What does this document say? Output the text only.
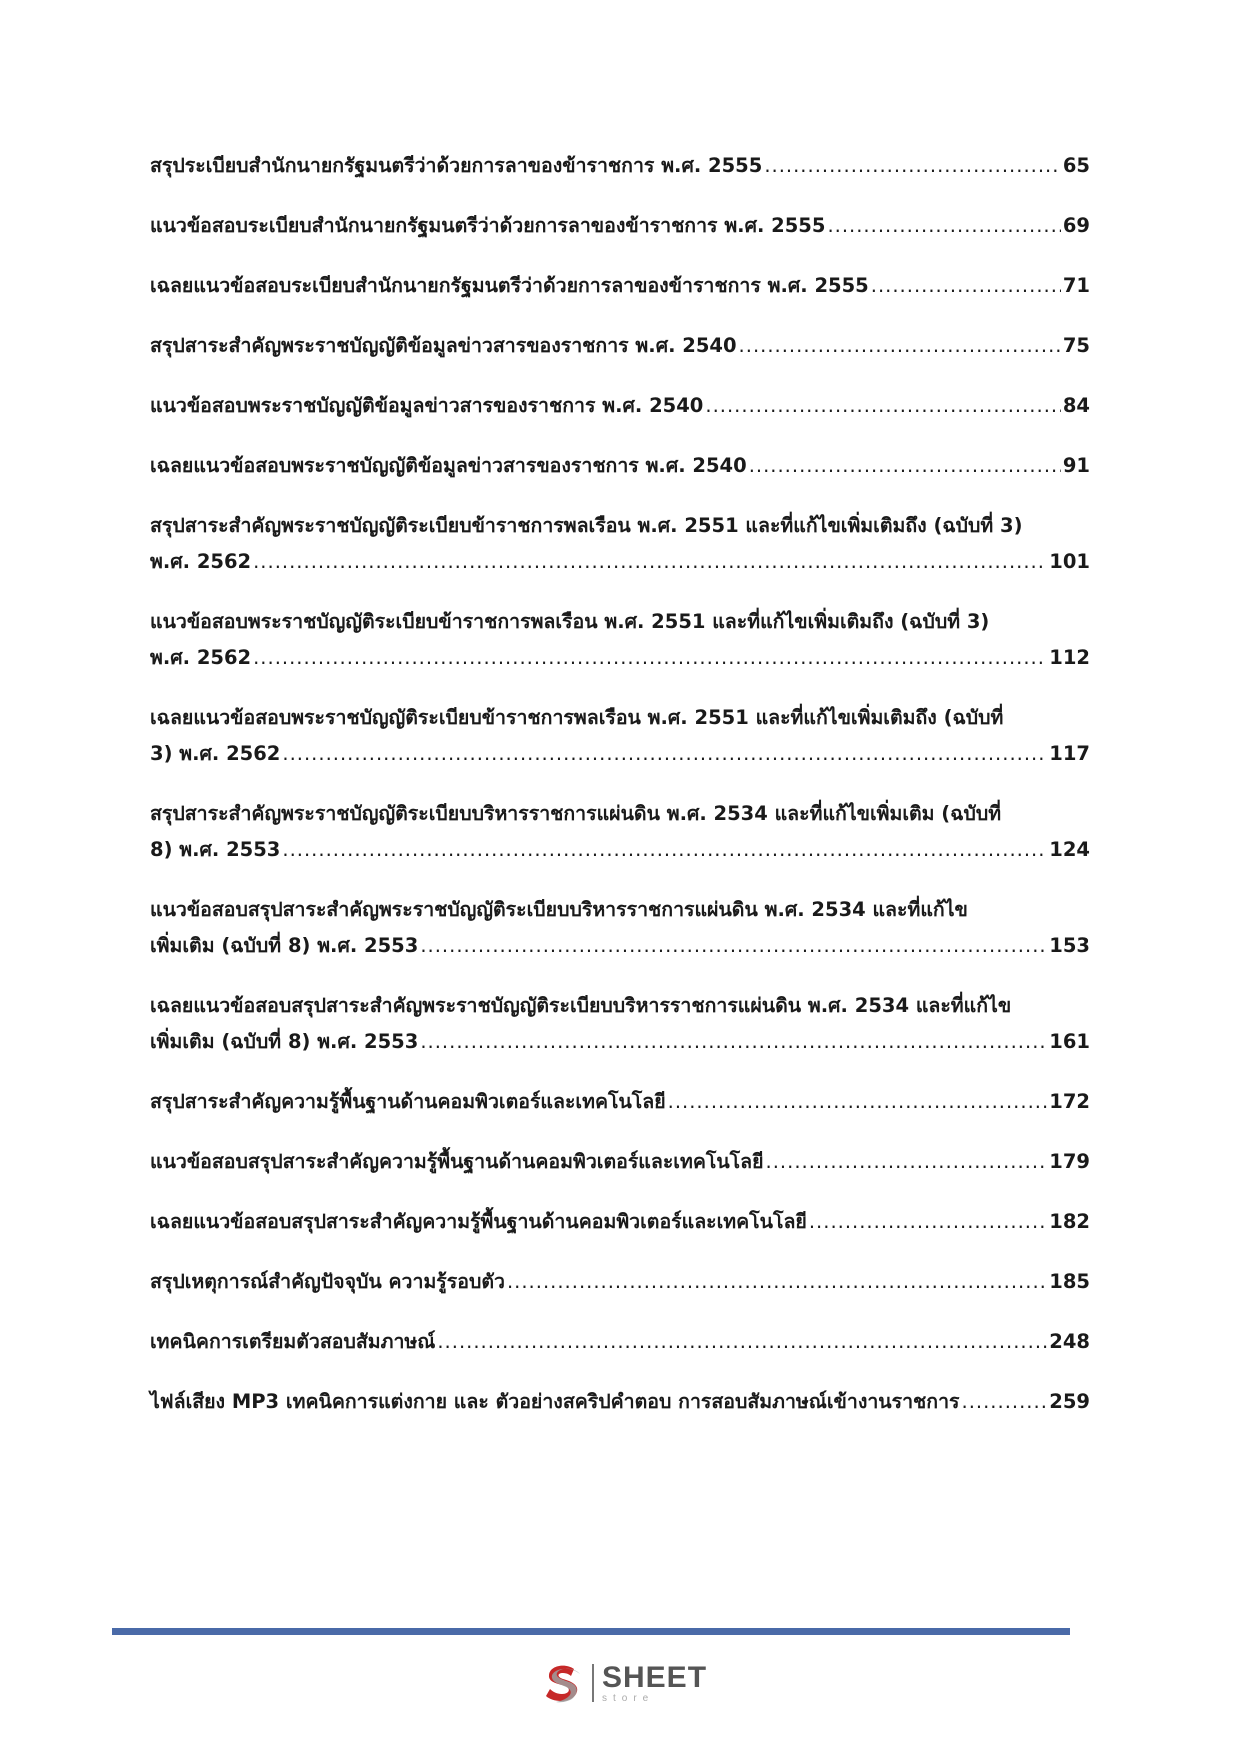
สรุประเบียบสำนักนายกรัฐมนตรีว่าด้วยการลาของข้าราชการ พ.ศ. 2555 .....	65
แนวข้อสอบระเบียบสำนักนายกรัฐมนตรีว่าด้วยการลาของข้าราชการ พ.ศ. 2555 .....	69
เฉลยแนวข้อสอบระเบียบสำนักนายกรัฐมนตรีว่าด้วยการลาของข้าราชการ พ.ศ. 2555 .....	71
สรุปสาระสำคัญพระราชบัญญัติข้อมูลข่าวสารของราชการ พ.ศ. 2540 .....	75
แนวข้อสอบพระราชบัญญัติข้อมูลข่าวสารของราชการ พ.ศ. 2540 .....	84
เฉลยแนวข้อสอบพระราชบัญญัติข้อมูลข่าวสารของราชการ พ.ศ. 2540 .....	91
สรุปสาระสำคัญพระราชบัญญัติระเบียบข้าราชการพลเรือน พ.ศ. 2551 และที่แก้ไขเพิ่มเติมถึง (ฉบับที่ 3)
พ.ศ. 2562 .....	101
แนวข้อสอบพระราชบัญญัติระเบียบข้าราชการพลเรือน พ.ศ. 2551 และที่แก้ไขเพิ่มเติมถึง (ฉบับที่ 3)
พ.ศ. 2562 .....	112
เฉลยแนวข้อสอบพระราชบัญญัติระเบียบข้าราชการพลเรือน พ.ศ. 2551 และที่แก้ไขเพิ่มเติมถึง (ฉบับที่
3) พ.ศ. 2562 .....	117
สรุปสาระสำคัญพระราชบัญญัติระเบียบบริหารราชการแผ่นดิน พ.ศ. 2534 และที่แก้ไขเพิ่มเติม (ฉบับที่
8) พ.ศ. 2553 .....	124
แนวข้อสอบสรุปสาระสำคัญพระราชบัญญัติระเบียบบริหารราชการแผ่นดิน พ.ศ. 2534 และที่แก้ไข
เพิ่มเติม (ฉบับที่ 8) พ.ศ. 2553 .....	153
เฉลยแนวข้อสอบสรุปสาระสำคัญพระราชบัญญัติระเบียบบริหารราชการแผ่นดิน พ.ศ. 2534 และที่แก้ไข
เพิ่มเติม (ฉบับที่ 8) พ.ศ. 2553 .....	161
สรุปสาระสำคัญความรู้พื้นฐานด้านคอมพิวเตอร์และเทคโนโลยี .....	172
แนวข้อสอบสรุปสาระสำคัญความรู้พื้นฐานด้านคอมพิวเตอร์และเทคโนโลยี .....	179
เฉลยแนวข้อสอบสรุปสาระสำคัญความรู้พื้นฐานด้านคอมพิวเตอร์และเทคโนโลยี .....	182
สรุปเหตุการณ์สำคัญปัจจุบัน ความรู้รอบตัว .....	185
เทคนิคการเตรียมตัวสอบสัมภาษณ์ .....	248
ไฟล์เสียง MP3 เทคนิคการแต่งกาย และ ตัวอย่างสคริปคำตอบ การสอบสัมภาษณ์เข้างานราชการ .....	259
SHEET
store
